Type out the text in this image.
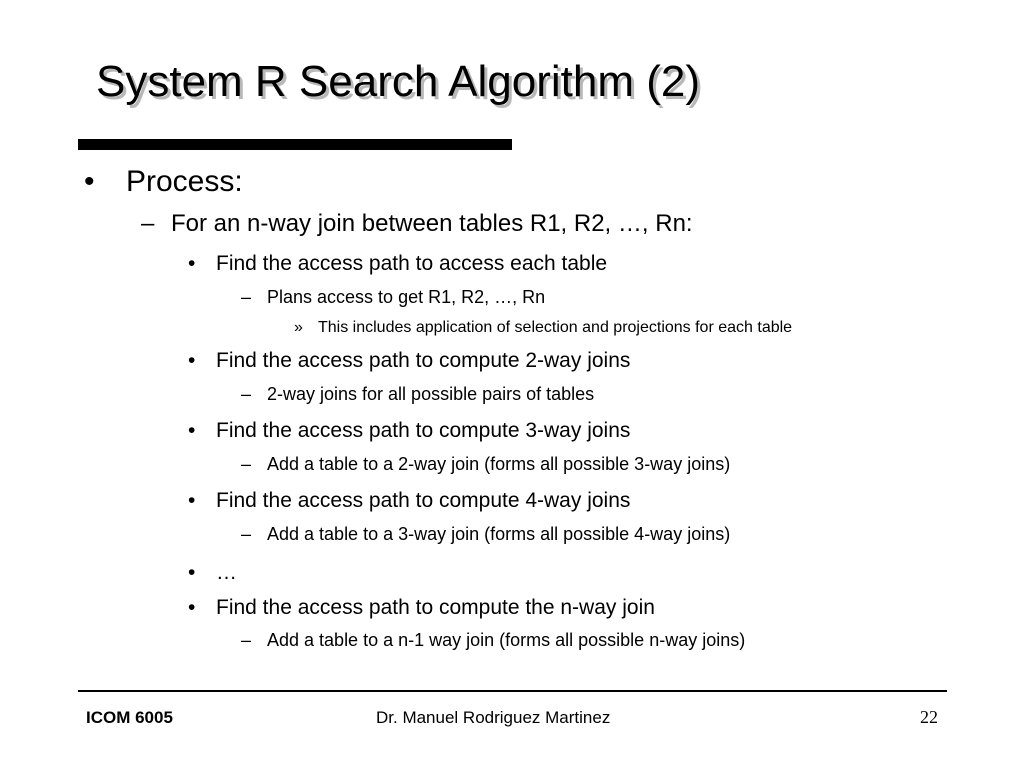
System R Search Algorithm (2)
• Process:
– For an n-way join between tables R1, R2, …, Rn:
• Find the access path to access each table
– Plans access to get R1, R2, …, Rn
» This includes application of selection and projections for each table
• Find the access path to compute 2-way joins
– 2-way joins for all possible pairs of tables
• Find the access path to compute 3-way joins
– Add a table to a 2-way join (forms all possible 3-way joins)
• Find the access path to compute 4-way joins
– Add a table to a 3-way join (forms all possible 4-way joins)
• …
• Find the access path to compute the n-way join
– Add a table to a n-1 way join (forms all possible n-way joins)
ICOM 6005	Dr. Manuel Rodriguez Martinez	22
